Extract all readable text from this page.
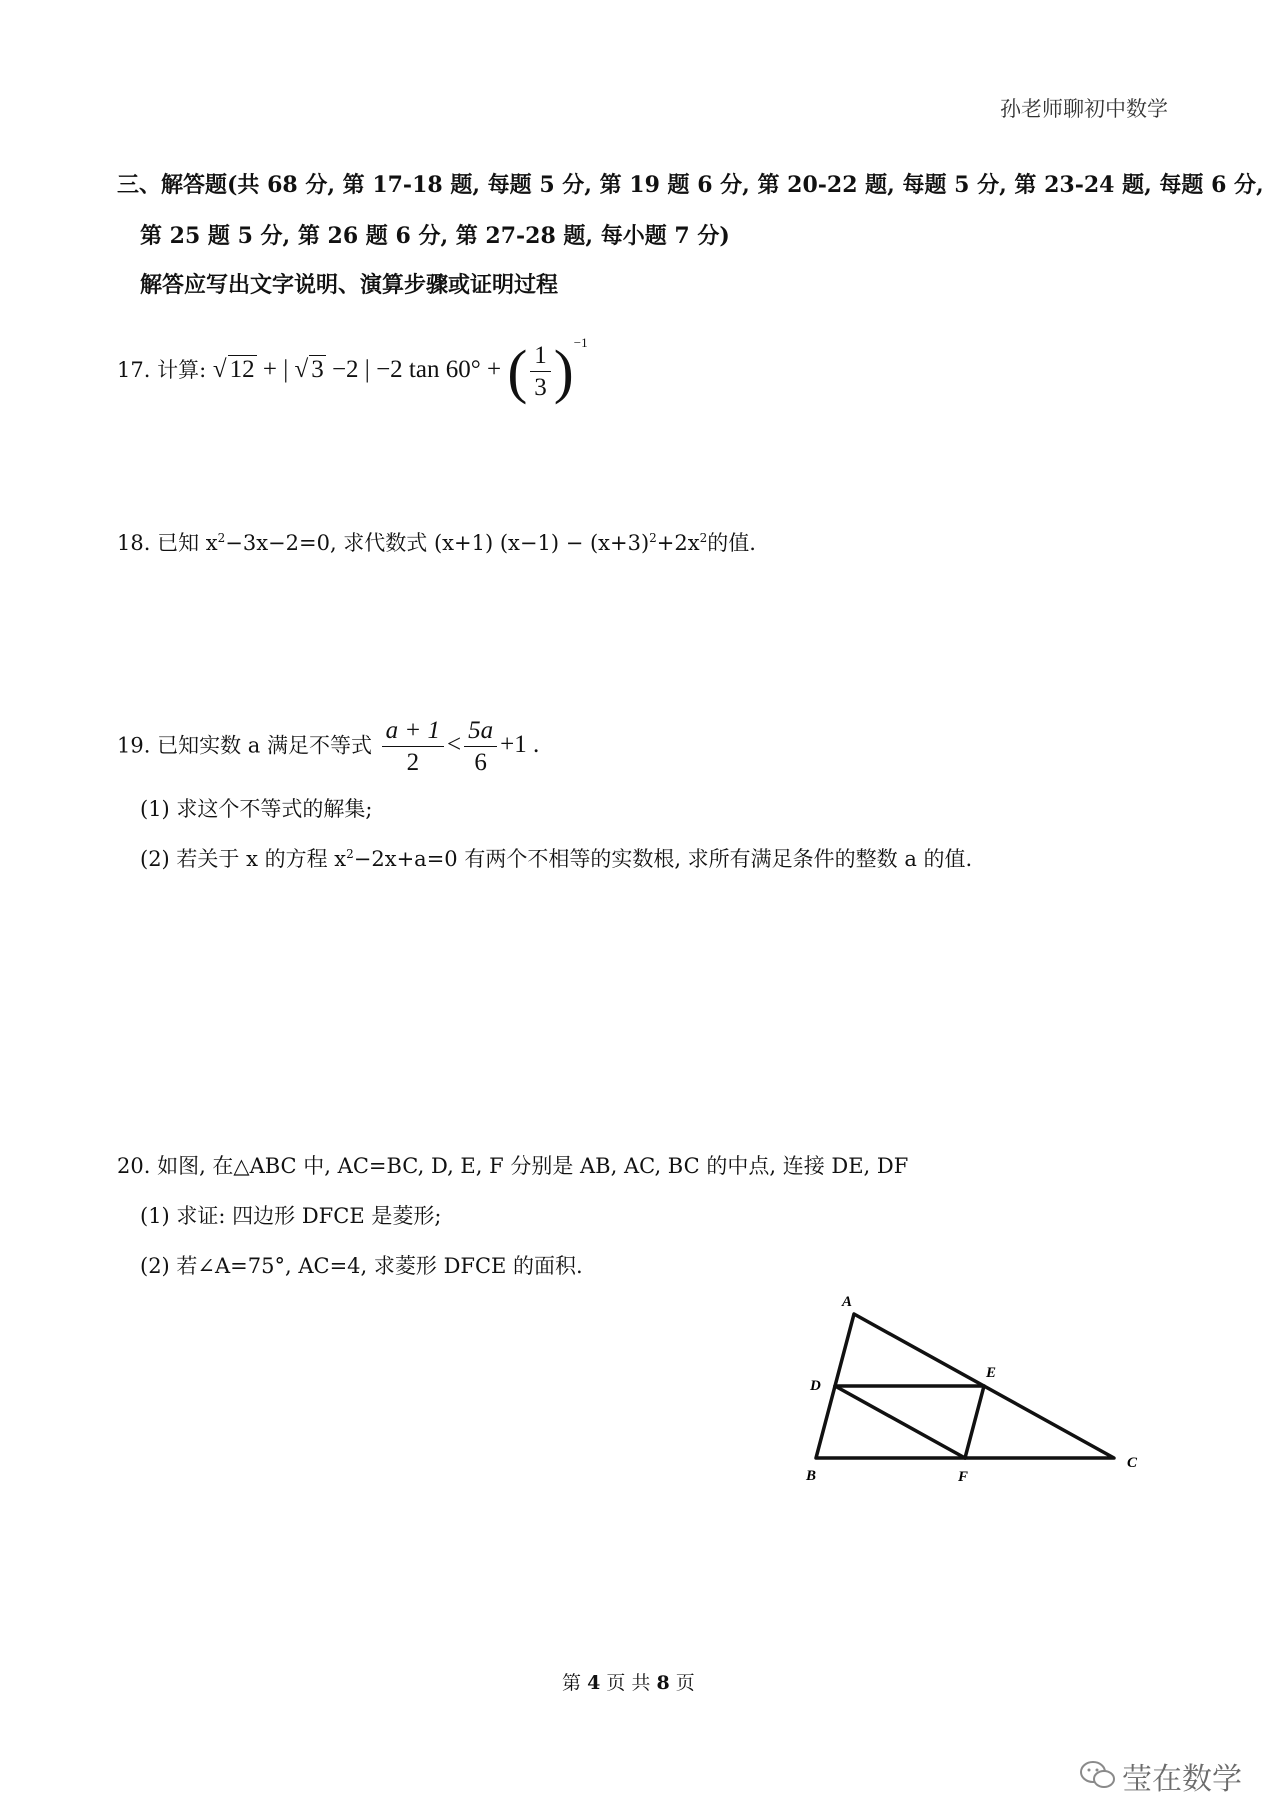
孙老师聊初中数学
三、解答题(共 68 分, 第 17-18 题, 每题 5 分, 第 19 题 6 分, 第 20-22 题, 每题 5 分, 第 23-24 题, 每题 6 分,
第 25 题 5 分, 第 26 题 6 分, 第 27-28 题, 每小题 7 分)
解答应写出文字说明、演算步骤或证明过程
17. 计算: √ 12 + | √ 3 −2 | −2 tan 60° + ( $\frac{1}{3} )^{-1}$
18. 已知 $x^2-3x-2=0$, 求代数式 (x+1) $(x-1) - (x+3)^2+2x^2$的值.
19. 已知实数 a 满足不等式 $\frac{a + 1}{2} < \frac{5a}{6} +1$ .
(1) 求这个不等式的解集;
(2) 若关于 x 的方程 $x^2-2x+a=0$ 有两个不相等的实数根, 求所有满足条件的整数 a 的值.
20. 如图, 在△ABC 中, AC=BC, D, E, F 分别是 AB, AC, BC 的中点, 连接 DE, DF
(1) 求证: 四边形 DFCE 是菱形;
(2) 若∠A=75°, AC=4, 求菱形 DFCE 的面积.
A
B
C
D
E
F
第 4 页 共 8 页
莹在数学
